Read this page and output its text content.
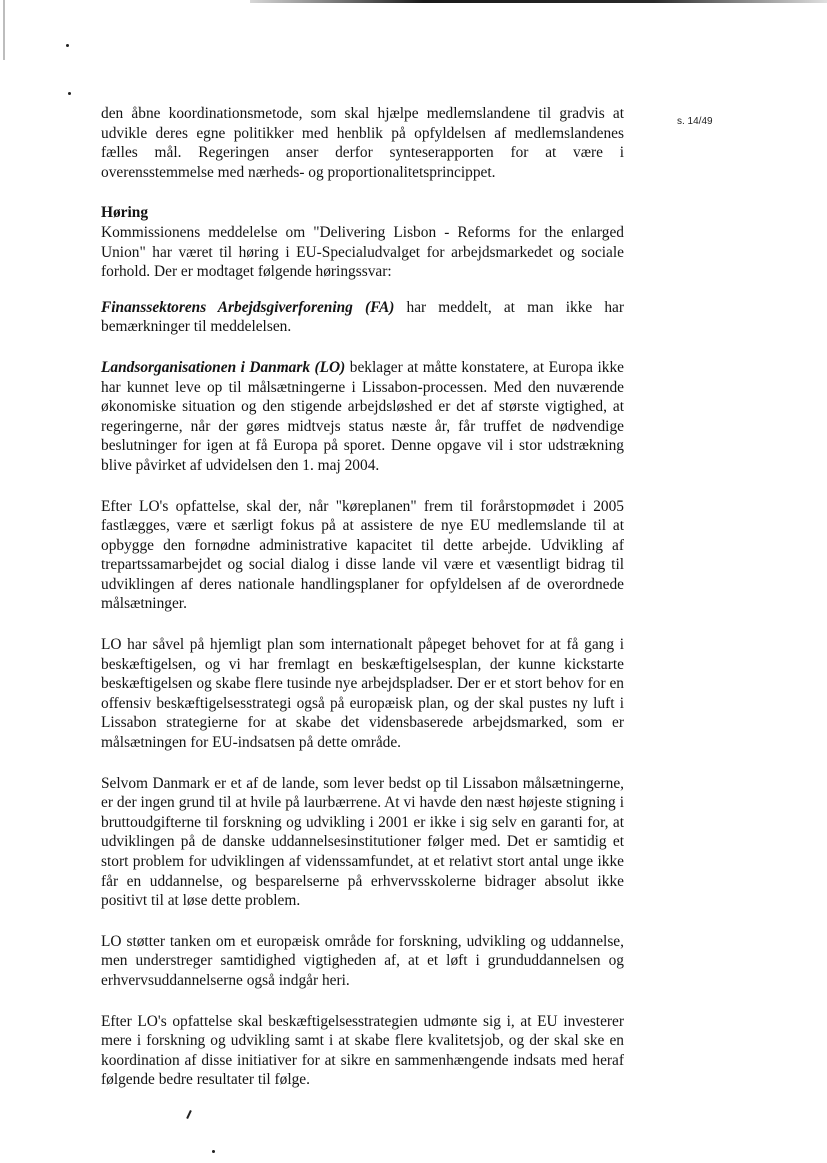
s. 14/49

den åbne koordinationsmetode, som skal hjælpe medlemslandene til gradvis at udvikle deres egne politikker med henblik på opfyldelsen af medlemslandenes fælles mål. Regeringen anser derfor synteserapporten for at være i overensstemmelse med nærheds- og proportionalitetsprincippet.

Høring

Kommissionens meddelelse om "Delivering Lisbon - Reforms for the enlarged Union" har været til høring i EU-Specialudvalget for arbejdsmarkedet og sociale forhold. Der er modtaget følgende høringssvar:

Finanssektorens Arbejdsgiverforening (FA) har meddelt, at man ikke har bemærkninger til meddelelsen.

Landsorganisationen i Danmark (LO) beklager at måtte konstatere, at Europa ikke har kunnet leve op til målsætningerne i Lissabon-processen. Med den nuværende økonomiske situation og den stigende arbejdsløshed er det af største vigtighed, at regeringerne, når der gøres midtvejs status næste år, får truffet de nødvendige beslutninger for igen at få Europa på sporet. Denne opgave vil i stor udstrækning blive påvirket af udvidelsen den 1. maj 2004.

Efter LO's opfattelse, skal der, når "køreplanen" frem til forårstopmødet i 2005 fastlægges, være et særligt fokus på at assistere de nye EU medlemslande til at opbygge den fornødne administrative kapacitet til dette arbejde. Udvikling af trepartssamarbejdet og social dialog i disse lande vil være et væsentligt bidrag til udviklingen af deres nationale handlingsplaner for opfyldelsen af de overordnede målsætninger.

LO har såvel på hjemligt plan som internationalt påpeget behovet for at få gang i beskæftigelsen, og vi har fremlagt en beskæftigelsesplan, der kunne kickstarte beskæftigelsen og skabe flere tusinde nye arbejdspladser. Der er et stort behov for en offensiv beskæftigelsesstrategi også på europæisk plan, og der skal pustes ny luft i Lissabon strategierne for at skabe det vidensbaserede arbejdsmarked, som er målsætningen for EU-indsatsen på dette område.

Selvom Danmark er et af de lande, som lever bedst op til Lissabon målsætningerne, er der ingen grund til at hvile på laurbærrene. At vi havde den næst højeste stigning i bruttoudgifterne til forskning og udvikling i 2001 er ikke i sig selv en garanti for, at udviklingen på de danske uddannelsesinstitutioner følger med. Det er samtidig et stort problem for udviklingen af videnssamfundet, at et relativt stort antal unge ikke får en uddannelse, og besparelserne på erhvervsskolerne bidrager absolut ikke positivt til at løse dette problem.

LO støtter tanken om et europæisk område for forskning, udvikling og uddannelse, men understreger samtidighed vigtigheden af, at et løft i grunduddannelsen og erhvervsuddannelserne også indgår heri.

Efter LO's opfattelse skal beskæftigelsesstrategien udmønte sig i, at EU investerer mere i forskning og udvikling samt i at skabe flere kvalitetsjob, og der skal ske en koordination af disse initiativer for at sikre en sammenhængende indsats med heraf følgende bedre resultater til følge.
